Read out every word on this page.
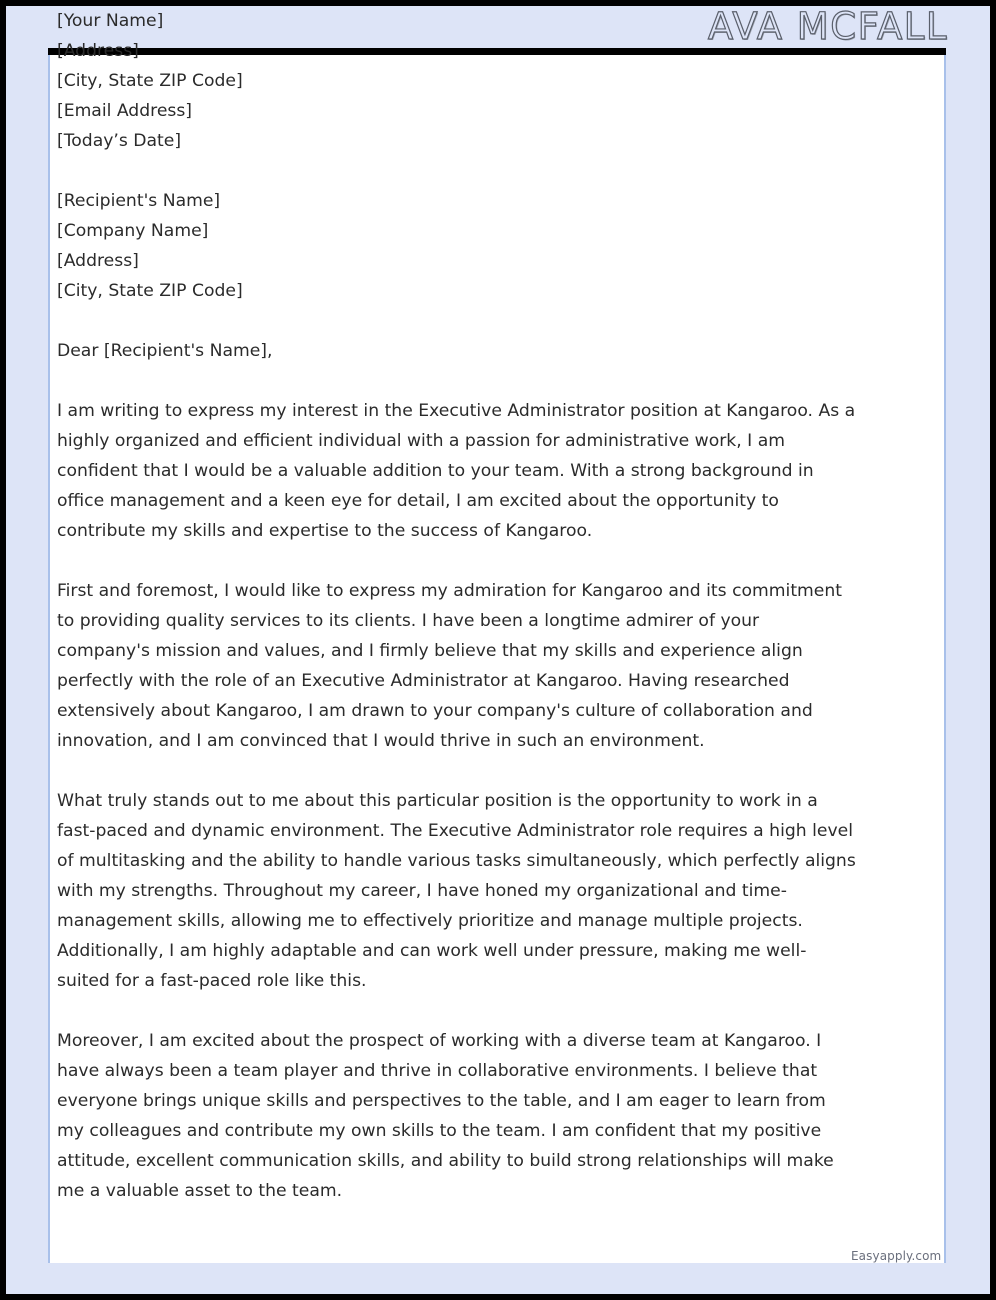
AVA MCFALL

[Your Name]

[Address]

[City, State ZIP Code]

[Email Address]

[Today’s Date]

[Recipient's Name]

[Company Name]

[Address]

[City, State ZIP Code]

Dear [Recipient's Name],

I am writing to express my interest in the Executive Administrator position at Kangaroo. As a highly organized and efficient individual with a passion for administrative work, I am confident that I would be a valuable addition to your team. With a strong background in office management and a keen eye for detail, I am excited about the opportunity to contribute my skills and expertise to the success of Kangaroo.

First and foremost, I would like to express my admiration for Kangaroo and its commitment to providing quality services to its clients. I have been a longtime admirer of your company's mission and values, and I firmly believe that my skills and experience align perfectly with the role of an Executive Administrator at Kangaroo. Having researched extensively about Kangaroo, I am drawn to your company's culture of collaboration and innovation, and I am convinced that I would thrive in such an environment.

What truly stands out to me about this particular position is the opportunity to work in a fast-paced and dynamic environment. The Executive Administrator role requires a high level of multitasking and the ability to handle various tasks simultaneously, which perfectly aligns with my strengths. Throughout my career, I have honed my organizational and time-management skills, allowing me to effectively prioritize and manage multiple projects. Additionally, I am highly adaptable and can work well under pressure, making me well-suited for a fast-paced role like this.

Moreover, I am excited about the prospect of working with a diverse team at Kangaroo. I have always been a team player and thrive in collaborative environments. I believe that everyone brings unique skills and perspectives to the table, and I am eager to learn from my colleagues and contribute my own skills to the team. I am confident that my positive attitude, excellent communication skills, and ability to build strong relationships will make me a valuable asset to the team.

Easyapply.com
